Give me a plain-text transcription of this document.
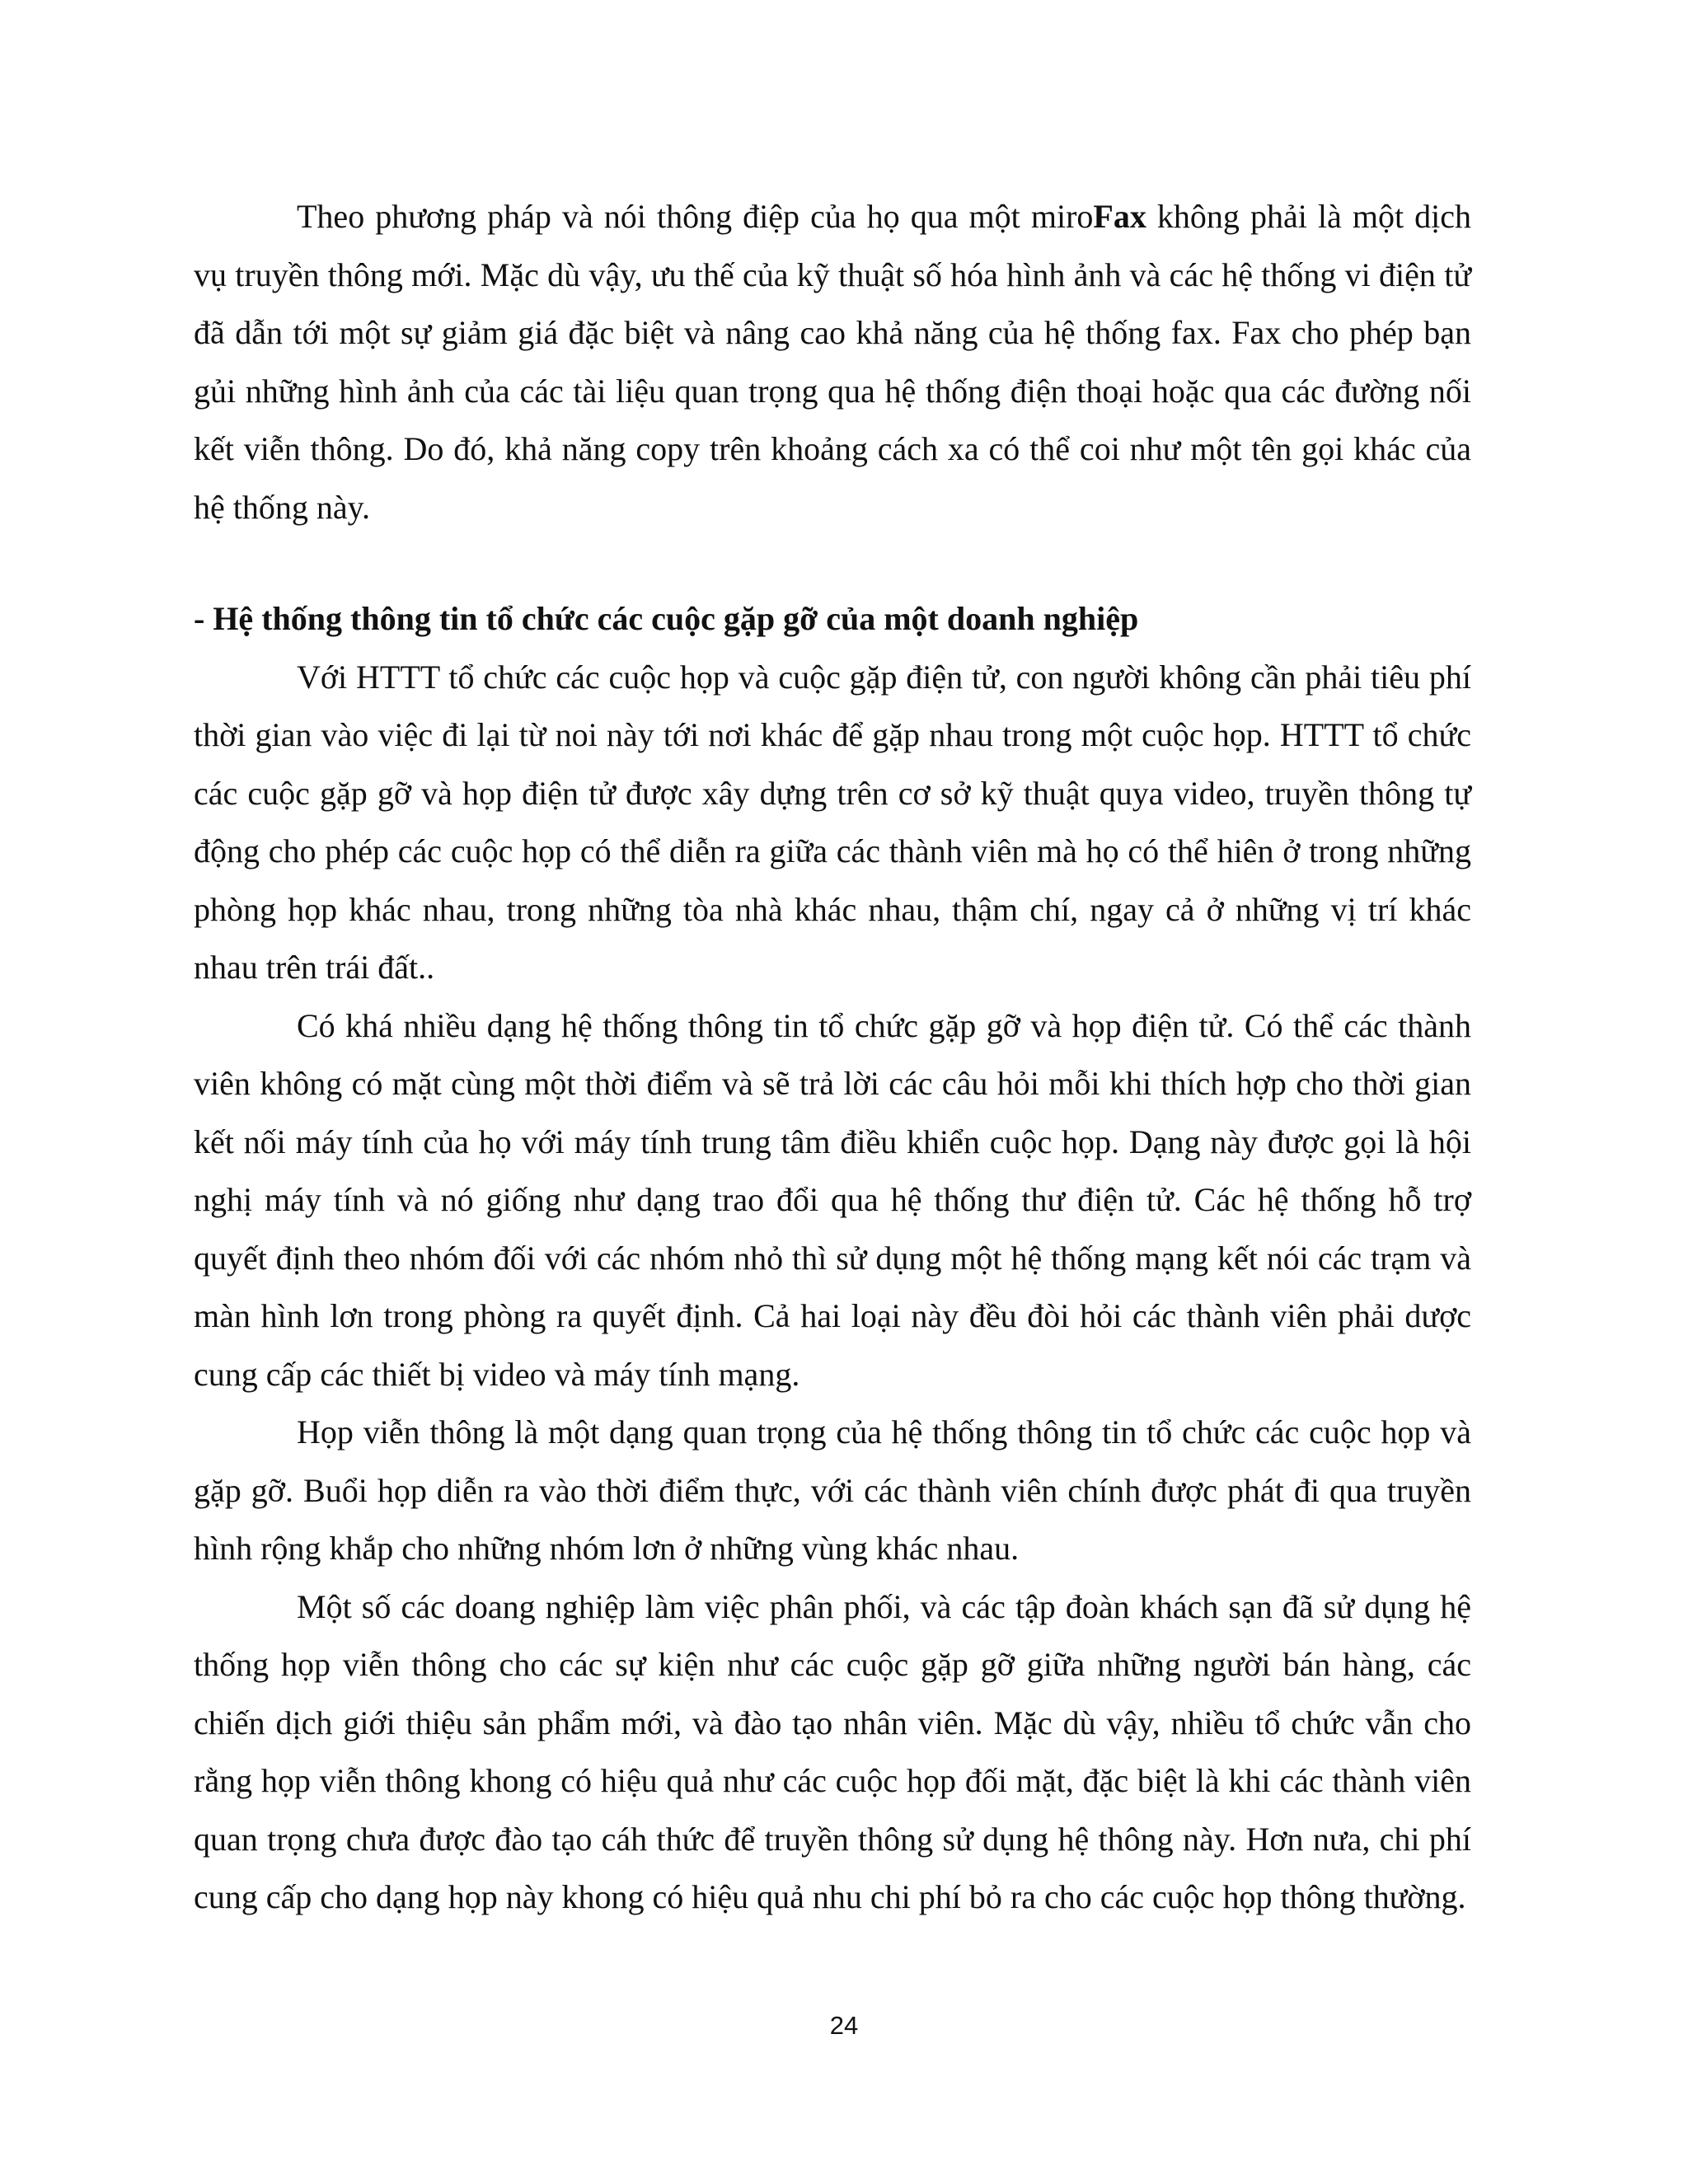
Theo phương pháp và nói thông điệp của họ qua một miroFax không phải là một dịch vụ truyền thông mới. Mặc dù vậy, ưu thế của kỹ thuật số hóa hình ảnh và các hệ thống vi điện tử đã dẫn tới một sự giảm giá đặc biệt và nâng cao khả năng của hệ thống fax. Fax cho phép bạn gủi những hình ảnh của các tài liệu quan trọng qua hệ thống điện thoại hoặc qua các đường nối kết viễn thông. Do đó, khả năng copy trên khoảng cách xa có thể coi như một tên gọi khác của hệ thống này.

- Hệ thống thông tin tổ chức các cuộc gặp gỡ của một doanh nghiệp

Với HTTT tổ chức các cuộc họp và cuộc gặp điện tử, con người không cần phải tiêu phí thời gian vào việc đi lại từ noi này tới nơi khác để gặp nhau trong một cuộc họp. HTTT tổ chức các cuộc gặp gỡ và họp điện tử được xây dựng trên cơ sở kỹ thuật quya video, truyền thông tự động cho phép các cuộc họp có thể diễn ra giữa các thành viên mà họ có thể hiên ở trong những phòng họp khác nhau, trong những tòa nhà khác nhau, thậm chí, ngay cả ở những vị trí khác nhau trên trái đất..

Có khá nhiều dạng hệ thống thông tin tổ chức gặp gỡ và họp điện tử. Có thể các thành viên không có mặt cùng một thời điểm và sẽ trả lời các câu hỏi mỗi khi thích hợp cho thời gian kết nối máy tính của họ với máy tính trung tâm điều khiển cuộc họp. Dạng này được gọi là hội nghị máy tính và nó giống như dạng trao đổi qua hệ thống thư điện tử. Các hệ thống hỗ trợ quyết định theo nhóm đối với các nhóm nhỏ thì sử dụng một hệ thống mạng kết nói các trạm và màn hình lơn trong phòng ra quyết định. Cả hai loại này đều đòi hỏi các thành viên phải dược cung cấp các thiết bị video và máy tính mạng.

Họp viễn thông là một dạng quan trọng của hệ thống thông tin tổ chức các cuộc họp và gặp gỡ. Buổi họp diễn ra vào thời điểm thực, với các thành viên chính được phát đi qua truyền hình rộng khắp cho những nhóm lơn ở những vùng khác nhau.

Một số các doang nghiệp làm việc phân phối, và các tập đoàn khách sạn đã sử dụng hệ thống họp viễn thông cho các sự kiện như các cuộc gặp gỡ giữa những người bán hàng, các chiến dịch giới thiệu sản phẩm mới, và đào tạo nhân viên. Mặc dù vậy, nhiều tổ chức vẫn cho rằng họp viễn thông khong có hiệu quả như các cuộc họp đối mặt, đặc biệt là khi các thành viên quan trọng chưa được đào tạo cáh thức để truyền thông sử dụng hệ thông này. Hơn nưa, chi phí cung cấp cho dạng họp này khong có hiệu quả nhu chi phí bỏ ra cho các cuộc họp thông thường.

24
